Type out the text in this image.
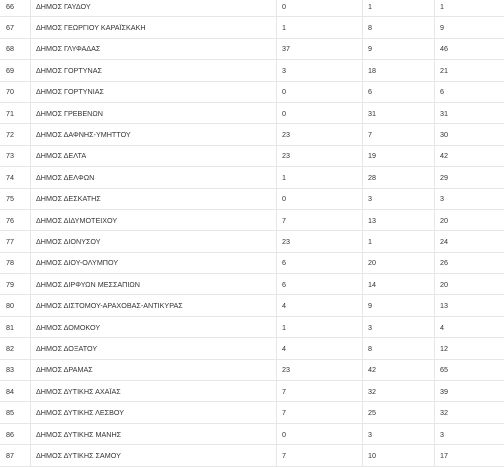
66	ΔΗΜΟΣ ΓΑΥΔΟΥ	0	1	1
67	ΔΗΜΟΣ ΓΕΩΡΓΙΟΥ ΚΑΡΑΪΣΚΑΚΗ	1	8	9
68	ΔΗΜΟΣ ΓΛΥΦΑΔΑΣ	37	9	46
69	ΔΗΜΟΣ ΓΟΡΤΥΝΑΣ	3	18	21
70	ΔΗΜΟΣ ΓΟΡΤΥΝΙΑΣ	0	6	6
71	ΔΗΜΟΣ ΓΡΕΒΕΝΩΝ	0	31	31
72	ΔΗΜΟΣ ΔΑΦΝΗΣ-ΥΜΗΤΤΟΥ	23	7	30
73	ΔΗΜΟΣ ΔΕΛΤΑ	23	19	42
74	ΔΗΜΟΣ ΔΕΛΦΩΝ	1	28	29
75	ΔΗΜΟΣ ΔΕΣΚΑΤΗΣ	0	3	3
76	ΔΗΜΟΣ ΔΙΔΥΜΟΤΕΙΧΟΥ	7	13	20
77	ΔΗΜΟΣ ΔΙΟΝΥΣΟΥ	23	1	24
78	ΔΗΜΟΣ ΔΙΟΥ-ΟΛΥΜΠΟΥ	6	20	26
79	ΔΗΜΟΣ ΔΙΡΦΥΩΝ ΜΕΣΣΑΠΙΩΝ	6	14	20
80	ΔΗΜΟΣ ΔΙΣΤΟΜΟΥ-ΑΡΑΧΟΒΑΣ-ΑΝΤΙΚΥΡΑΣ	4	9	13
81	ΔΗΜΟΣ ΔΟΜΟΚΟΥ	1	3	4
82	ΔΗΜΟΣ ΔΟΞΑΤΟΥ	4	8	12
83	ΔΗΜΟΣ ΔΡΑΜΑΣ	23	42	65
84	ΔΗΜΟΣ ΔΥΤΙΚΗΣ ΑΧΑΪΑΣ	7	32	39
85	ΔΗΜΟΣ ΔΥΤΙΚΗΣ ΛΕΣΒΟΥ	7	25	32
86	ΔΗΜΟΣ ΔΥΤΙΚΗΣ ΜΑΝΗΣ	0	3	3
87	ΔΗΜΟΣ ΔΥΤΙΚΗΣ ΣΑΜΟΥ	7	10	17
